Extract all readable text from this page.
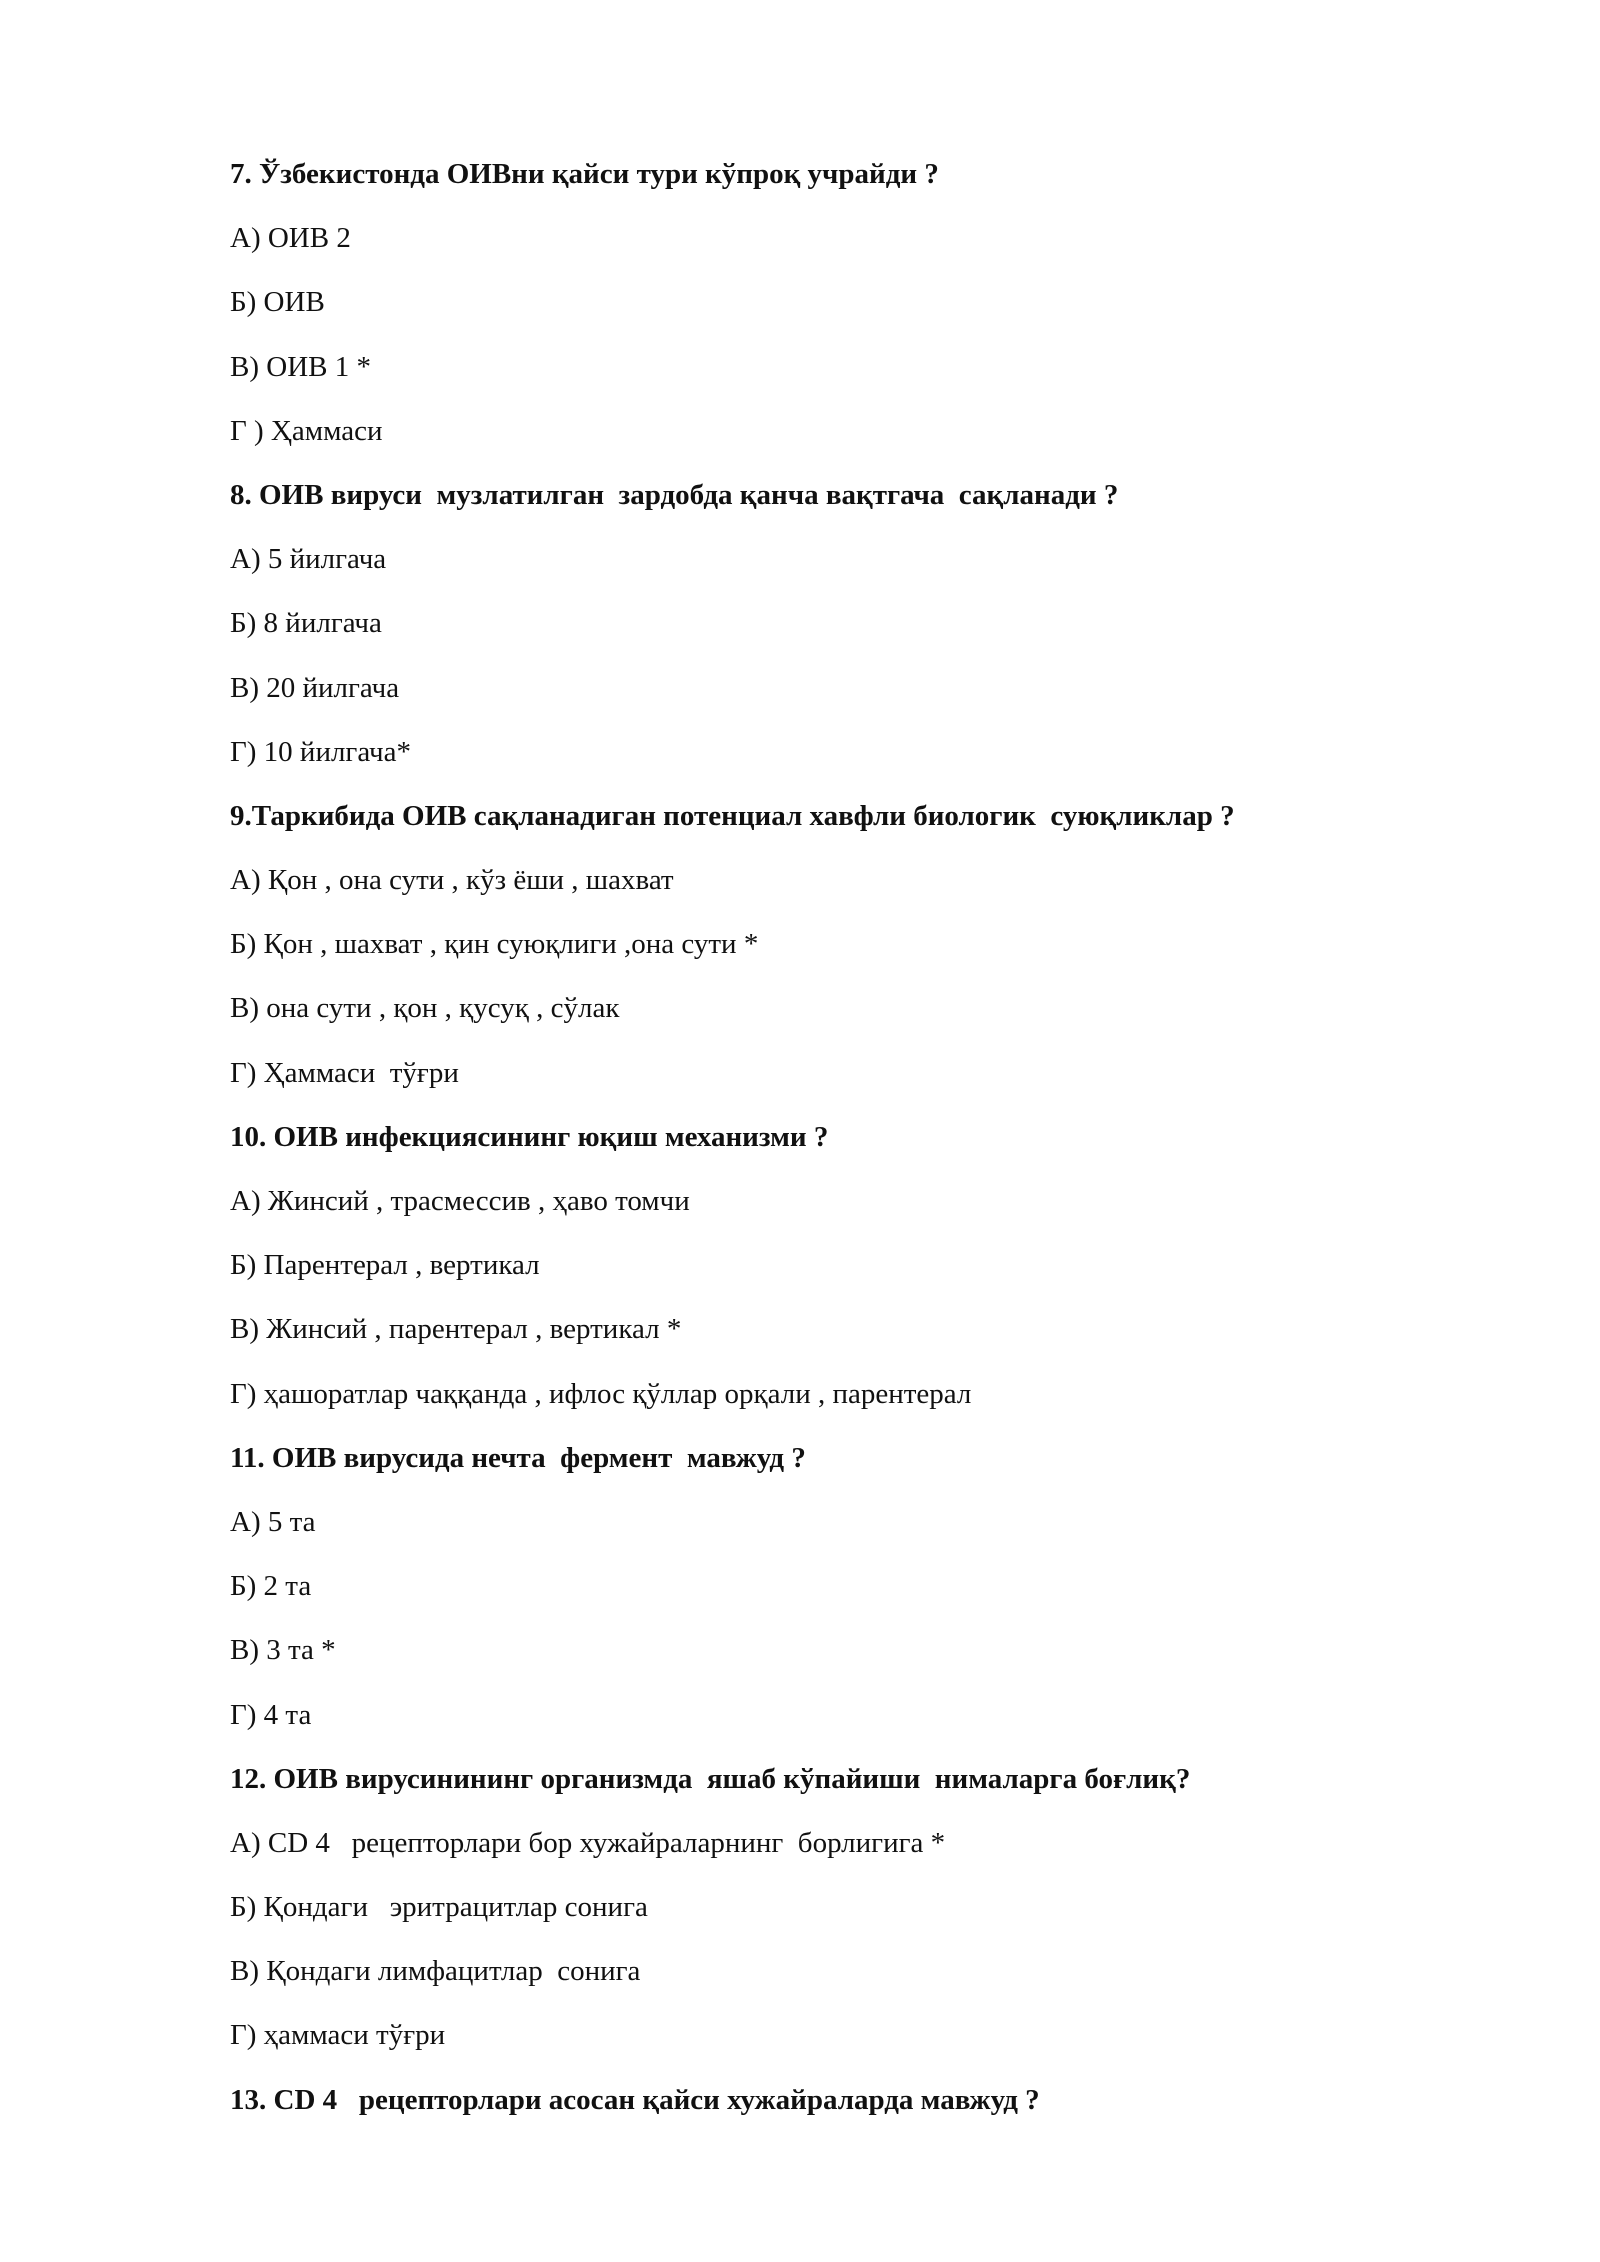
7. Ўзбекистонда ОИВни қайси тури кўпроқ учрайди ?
А) ОИВ 2
Б) ОИВ
В) ОИВ 1 *
Г ) Ҳаммаси
8. ОИВ вируси  музлатилган  зардобда қанча вақтгача  сақланади ?
А) 5 йилгача
Б) 8 йилгача
В) 20 йилгача
Г) 10 йилгача*
9.Таркибида ОИВ сақланадиган потенциал хавфли биологик  суюқликлар ?
А) Қон , она сути , кўз ёши , шахват
Б) Қон , шахват , қин суюқлиги ,она сути *
В) она сути , қон , қусуқ , сўлак
Г) Ҳаммаси  тўғри
10. ОИВ инфекциясининг юқиш механизми ?
А) Жинсий , трасмессив , ҳаво томчи
Б) Парентерал , вертикал
В) Жинсий , парентерал , вертикал *
Г) ҳашоратлар чаққанда , ифлос қўллар орқали , парентерал
11. ОИВ вирусида нечта  фермент  мавжуд ?
А) 5 та
Б) 2 та
В) 3 та *
Г) 4 та
12. ОИВ вирусинининг организмда  яшаб кўпайиши  нималарга боғлиқ?
А) CD 4   рецепторлари бор хужайраларнинг  борлигига *
Б) Қондаги   эритрацитлар сонига
В) Қондаги лимфацитлар  сонига
Г) ҳаммаси тўғри
13. CD 4   рецепторлари асосан қайси хужайраларда мавжуд ?
